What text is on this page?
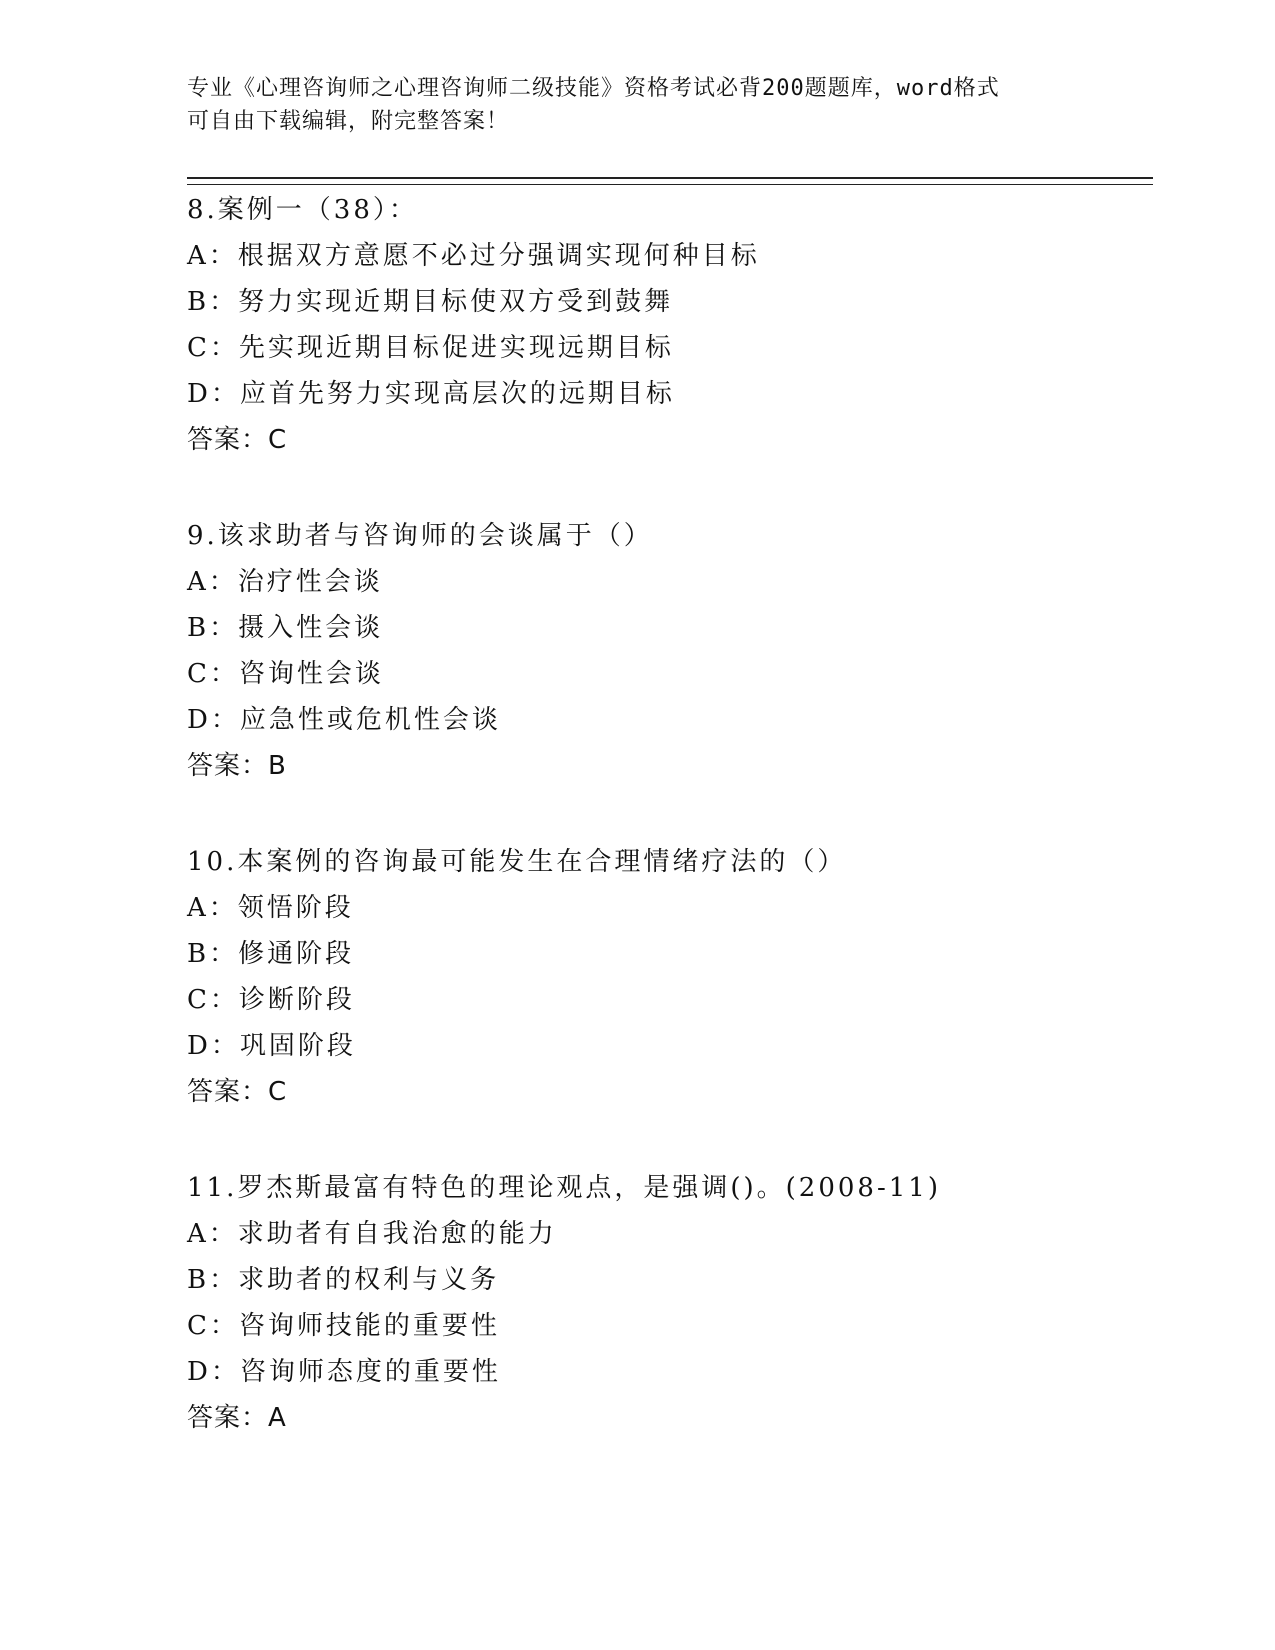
专业《心理咨询师之心理咨询师二级技能》资格考试必背200题题库，word格式
可自由下载编辑，附完整答案！
8.案例一（38）：
A：根据双方意愿不必过分强调实现何种目标
B：努力实现近期目标使双方受到鼓舞
C：先实现近期目标促进实现远期目标
D：应首先努力实现高层次的远期目标
答案：C
9.该求助者与咨询师的会谈属于（）
A：治疗性会谈
B：摄入性会谈
C：咨询性会谈
D：应急性或危机性会谈
答案：B
10.本案例的咨询最可能发生在合理情绪疗法的（）
A：领悟阶段
B：修通阶段
C：诊断阶段
D：巩固阶段
答案：C
11.罗杰斯最富有特色的理论观点，是强调()。(2008-11)
A：求助者有自我治愈的能力
B：求助者的权利与义务
C：咨询师技能的重要性
D：咨询师态度的重要性
答案：A
